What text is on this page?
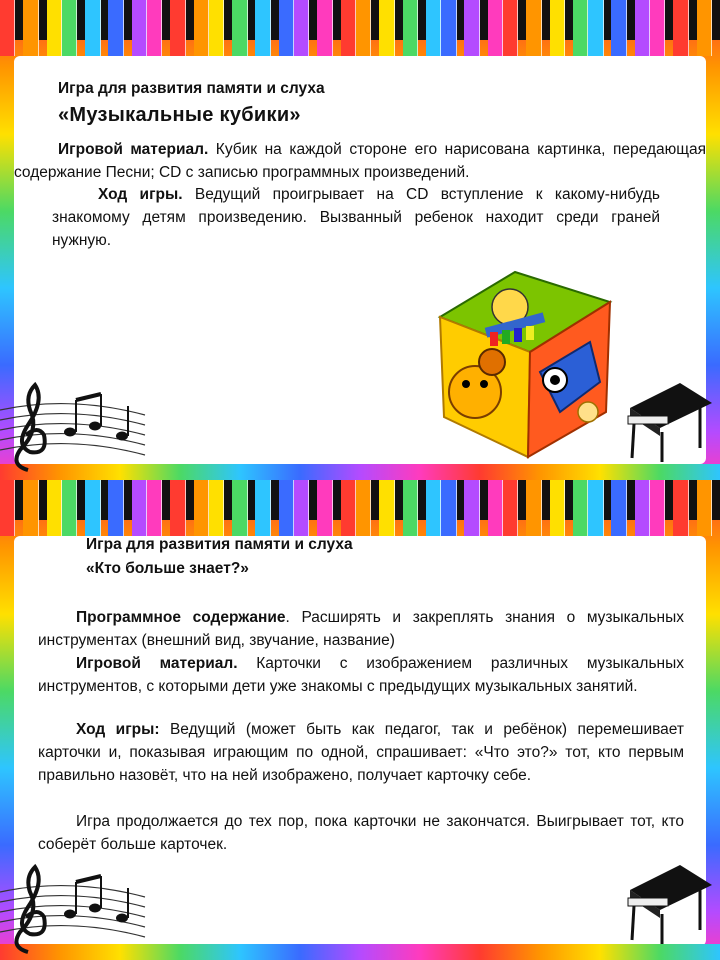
Игра для развития памяти и слуха
«Музыкальные кубики»
Игровой материал. Кубик на каждой стороне его нарисована картинка, передающая содержание Песни; CD с записью программных произведений.
Ход игры. Ведущий проигрывает на CD вступление к какому-нибудь знакомому детям произведению. Вызванный ребенок находит среди граней нужную.
Игра для развития памяти и слуха
«Кто больше знает?»
Программное содержание. Расширять и закреплять знания о музыкальных инструментах (внешний вид, звучание, название)
Игровой материал. Карточки с изображением различных музыкальных инструментов, с которыми дети уже знакомы с предыдущих музыкальных занятий.
Ход игры: Ведущий (может быть как педагог, так и ребёнок) перемешивает карточки и, показывая играющим по одной, спрашивает: «Что это?» тот, кто первым правильно назовёт, что на ней изображено, получает карточку себе.
Игра продолжается до тех пор, пока карточки не закончатся. Выигрывает тот, кто соберёт больше карточек.
